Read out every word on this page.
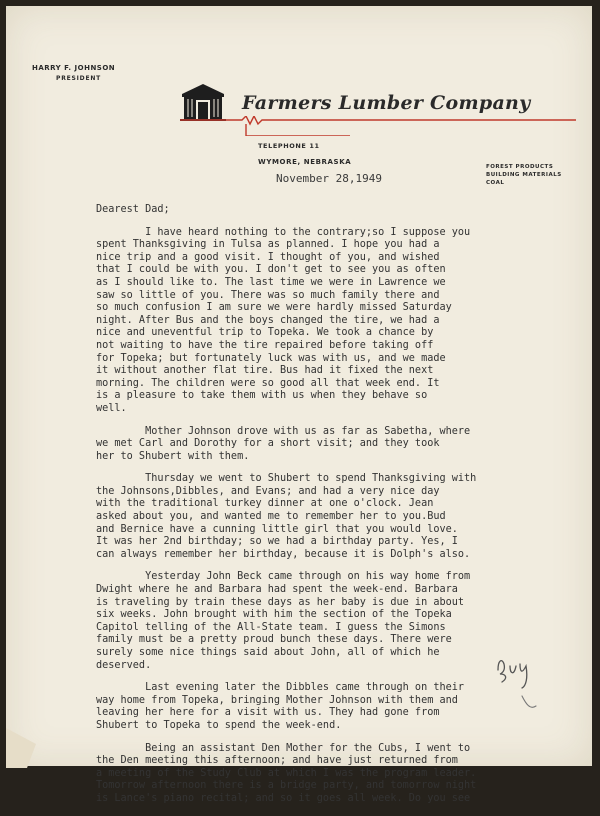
HARRY F. JOHNSON
PRESIDENT
Farmers Lumber Company
TELEPHONE 11
WYMORE, NEBRASKA
FOREST PRODUCTS
BUILDING MATERIALS
COAL
November 28,1949
Dearest Dad;
I have heard nothing to the contrary;so I suppose you
spent Thanksgiving in Tulsa as planned. I hope you had a
nice trip and a good visit. I thought of you, and wished
that I could be with you. I don't get to see you as often
as I should like to. The last time we were in Lawrence we
saw so little of you. There was so much family there and
so much confusion I am sure we were hardly missed Saturday
night. After Bus and the boys changed the tire, we had a
nice and uneventful trip to Topeka. We took a chance by
not waiting to have the tire repaired before taking off
for Topeka; but fortunately luck was with us, and we made
it without another flat tire. Bus had it fixed the next
morning. The children were so good all that week end. It
is a pleasure to take them with us when they behave so
well.
Mother Johnson drove with us as far as Sabetha, where
we met Carl and Dorothy for a short visit; and they took
her to Shubert with them.
Thursday we went to Shubert to spend Thanksgiving with
the Johnsons,Dibbles, and Evans; and had a very nice day
with the traditional turkey dinner at one o'clock. Jean
asked about you, and wanted me to remember her to you.Bud
and Bernice have a cunning little girl that you would love.
It was her 2nd birthday; so we had a birthday party. Yes, I
can always remember her birthday, because it is Dolph's also.
Yesterday John Beck came through on his way home from
Dwight where he and Barbara had spent the week-end. Barbara
is traveling by train these days as her baby is due in about
six weeks. John brought with him the section of the Topeka
Capitol telling of the All-State team. I guess the Simons
family must be a pretty proud bunch these days. There were
surely some nice things said about John, all of which he
deserved.
Last evening later the Dibbles came through on their
way home from Topeka, bringing Mother Johnson with them and
leaving her here for a visit with us. They had gone from
Shubert to Topeka to spend the week-end.
Being an assistant Den Mother for the Cubs, I went to
the Den meeting this afternoon; and have just returned from
a meeting of the Study Club at which I was the program leader.
Tomorrow afternoon there is a bridge party, and tomorrow night
is Lance's piano recital; and so it goes all week. Do you see
